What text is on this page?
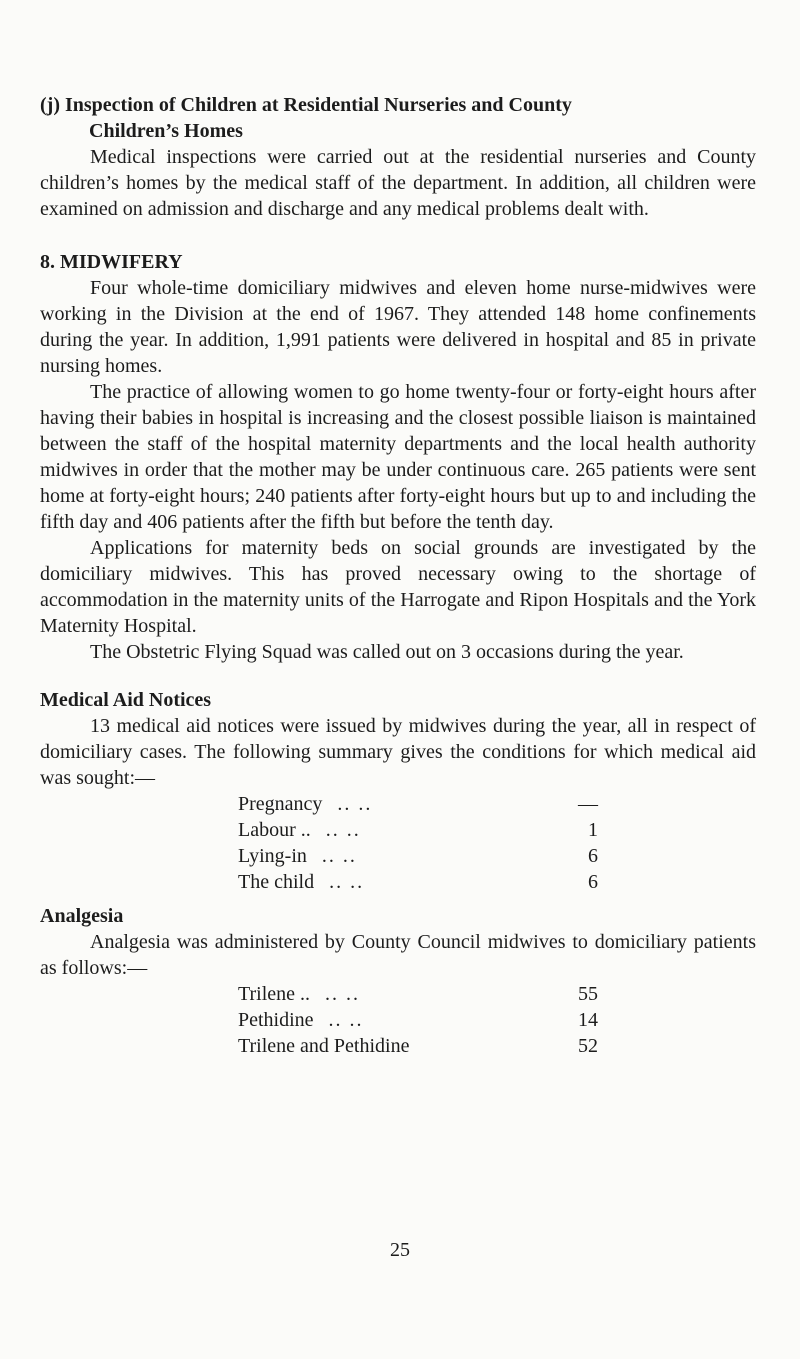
(j) Inspection of Children at Residential Nurseries and County
Children’s Homes

Medical inspections were carried out at the residential nurseries and County children’s homes by the medical staff of the department. In addition, all children were examined on admission and discharge and any medical problems dealt with.

8. MIDWIFERY

Four whole-time domiciliary midwives and eleven home nurse-midwives were working in the Division at the end of 1967. They attended 148 home confinements during the year. In addition, 1,991 patients were delivered in hospital and 85 in private nursing homes.

The practice of allowing women to go home twenty-four or forty-eight hours after having their babies in hospital is increasing and the closest possible liaison is maintained between the staff of the hospital maternity departments and the local health authority midwives in order that the mother may be under continuous care. 265 patients were sent home at forty-eight hours; 240 patients after forty-eight hours but up to and including the fifth day and 406 patients after the fifth but before the tenth day.

Applications for maternity beds on social grounds are investigated by the domiciliary midwives. This has proved necessary owing to the shortage of accommodation in the maternity units of the Harrogate and Ripon Hospitals and the York Maternity Hospital.

The Obstetric Flying Squad was called out on 3 occasions during the year.

Medical Aid Notices

13 medical aid notices were issued by midwives during the year, all in respect of domiciliary cases. The following summary gives the conditions for which medical aid was sought:—

Pregnancy .. ..	—
Labour .. .. ..	1
Lying-in .. ..	6
The child .. ..	6
Analgesia

Analgesia was administered by County Council midwives to domiciliary patients as follows:—

Trilene .. .. ..	55
Pethidine .. ..	14
Trilene and Pethidine	52
25
